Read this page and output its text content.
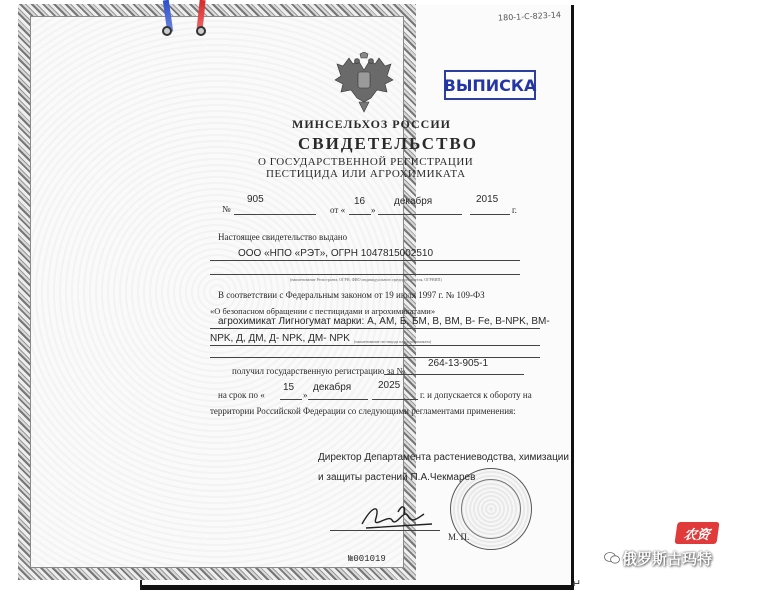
180-1-С-823-14
ВЫПИСКА
МИНСЕЛЬХОЗ РОССИИ
СВИДЕТЕЛЬСТВО
О ГОСУДАРСТВЕННОЙ РЕГИСТРАЦИИ
ПЕСТИЦИДА ИЛИ АГРОХИМИКАТА
№
905
от «
16
»
декабря	2015
г.
Настоящее свидетельство выдано
ООО «НПО «РЭТ», ОГРН 1047815002510
(наименование Регистранта, ОГРН, ФИО индивидуального предпринимателя, ОГРНИП)
В соответствии с Федеральным законом от 19 июля 1997 г. № 109-ФЗ
«О безопасном обращении с пестицидами и агрохимикатами»
агрохимикат Лигногумат марки: А, АМ, Б, БМ, В, ВМ, В- Fe, В-NPK, ВМ-
NPK, Д, ДМ, Д- NPK, ДМ- NPK (наименование пестицида или агрохимиката)
получил государственную регистрацию за №
264-13-905-1
на срок по «
15
»
декабря	2025
г. и допускается к обороту на
территории Российской Федерации со следующими регламентами применения:
Директор Департамента растениеводства, химизации
и защиты растений П.А.Чекмарев
М. П.
№001019
↵
农资
俄罗斯古玛特
